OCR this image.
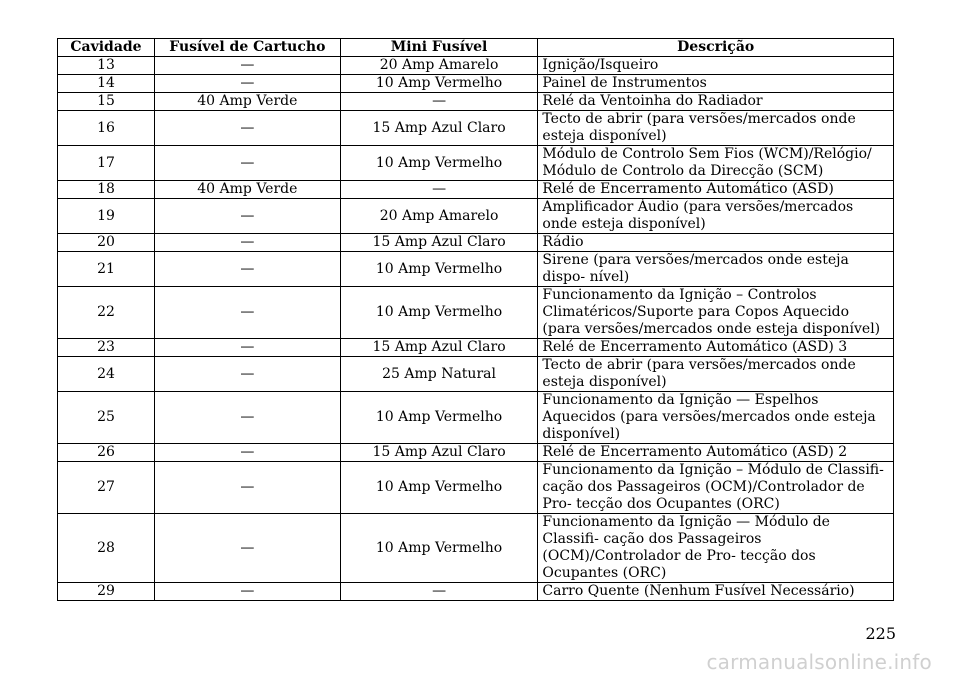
Cavidade	Fusível de Cartucho	Mini Fusível	Descrição
13	—	20 Amp Amarelo	Ignição/Isqueiro
14	—	10 Amp Vermelho	Painel de Instrumentos
15	40 Amp Verde	—	Relé da Ventoinha do Radiador
16	—	15 Amp Azul Claro	Tecto de abrir (para versões/mercados onde esteja disponível)
17	—	10 Amp Vermelho	Módulo de Controlo Sem Fios (WCM)/Relógio/ Módulo de Controlo da Direcção (SCM)
18	40 Amp Verde	—	Relé de Encerramento Automático (ASD)
19	—	20 Amp Amarelo	Amplificador Áudio (para versões/mercados onde esteja disponível)
20	—	15 Amp Azul Claro	Rádio
21	—	10 Amp Vermelho	Sirene (para versões/mercados onde esteja dispo- nível)
22	—	10 Amp Vermelho	Funcionamento da Ignição – Controlos Climatéricos/Suporte para Copos Aquecido (para versões/mercados onde esteja disponível)
23	—	15 Amp Azul Claro	Relé de Encerramento Automático (ASD) 3
24	—	25 Amp Natural	Tecto de abrir (para versões/mercados onde esteja disponível)
25	—	10 Amp Vermelho	Funcionamento da Ignição — Espelhos Aquecidos (para versões/mercados onde esteja disponível)
26	—	15 Amp Azul Claro	Relé de Encerramento Automático (ASD) 2
27	—	10 Amp Vermelho	Funcionamento da Ignição – Módulo de Classifi- cação dos Passageiros (OCM)/Controlador de Pro- tecção dos Ocupantes (ORC)
28	—	10 Amp Vermelho	Funcionamento da Ignição — Módulo de Classifi- cação dos Passageiros (OCM)/Controlador de Pro- tecção dos Ocupantes (ORC)
29	—	—	Carro Quente (Nenhum Fusível Necessário)
225
carmanualsonline.info
